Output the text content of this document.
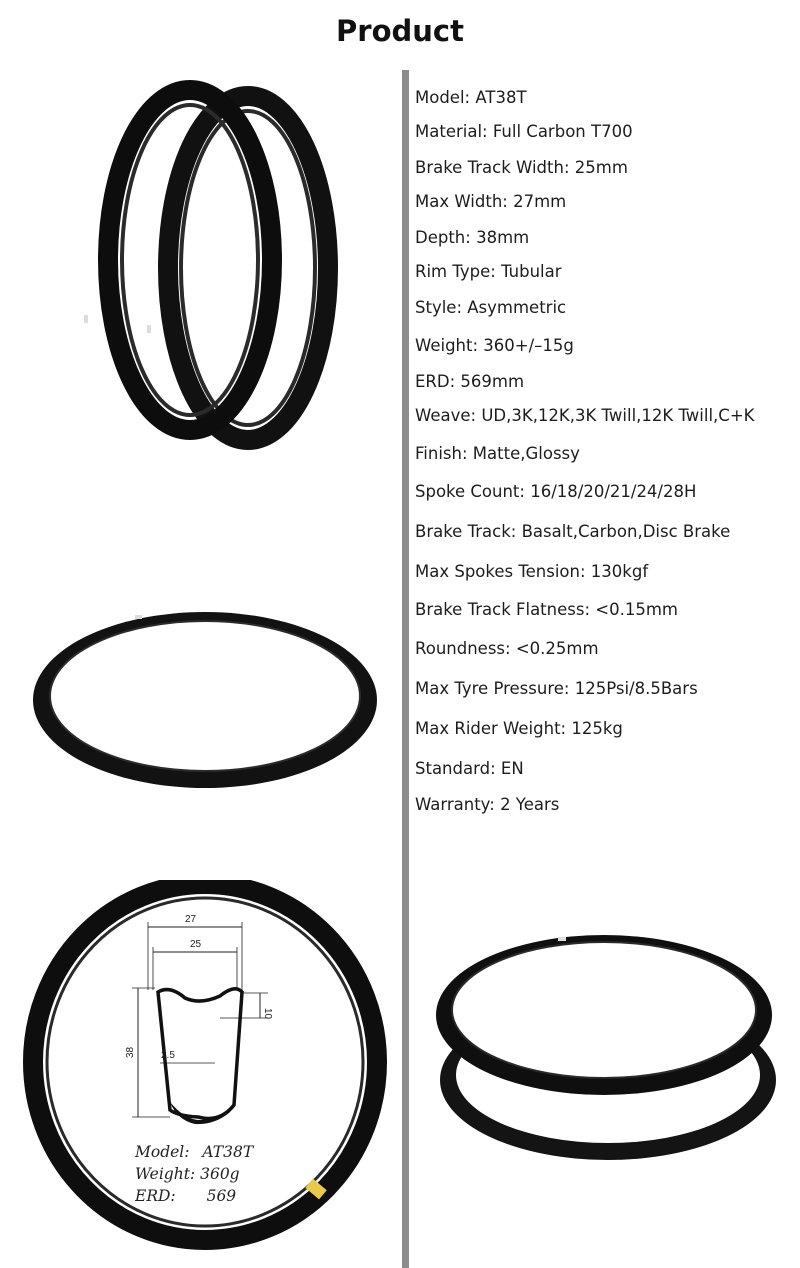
Product
Model: AT38T
Material: Full Carbon T700
Brake Track Width: 25mm
Max Width: 27mm
Depth: 38mm
Rim Type: Tubular
Style: Asymmetric
Weight: 360+/–15g
ERD: 569mm
Weave: UD,3K,12K,3K Twill,12K Twill,C+K
Finish: Matte,Glossy
Spoke Count: 16/18/20/21/24/28H
Brake Track: Basalt,Carbon,Disc Brake
Max Spokes Tension: 130kgf
Brake Track Flatness: <0.15mm
Roundness: <0.25mm
Max Tyre Pressure: 125Psi/8.5Bars
Max Rider Weight: 125kg
Standard: EN
Warranty: 2 Years
27
25
38
10
2.5
Model: AT38T
Weight: 360g
ERD: 569
